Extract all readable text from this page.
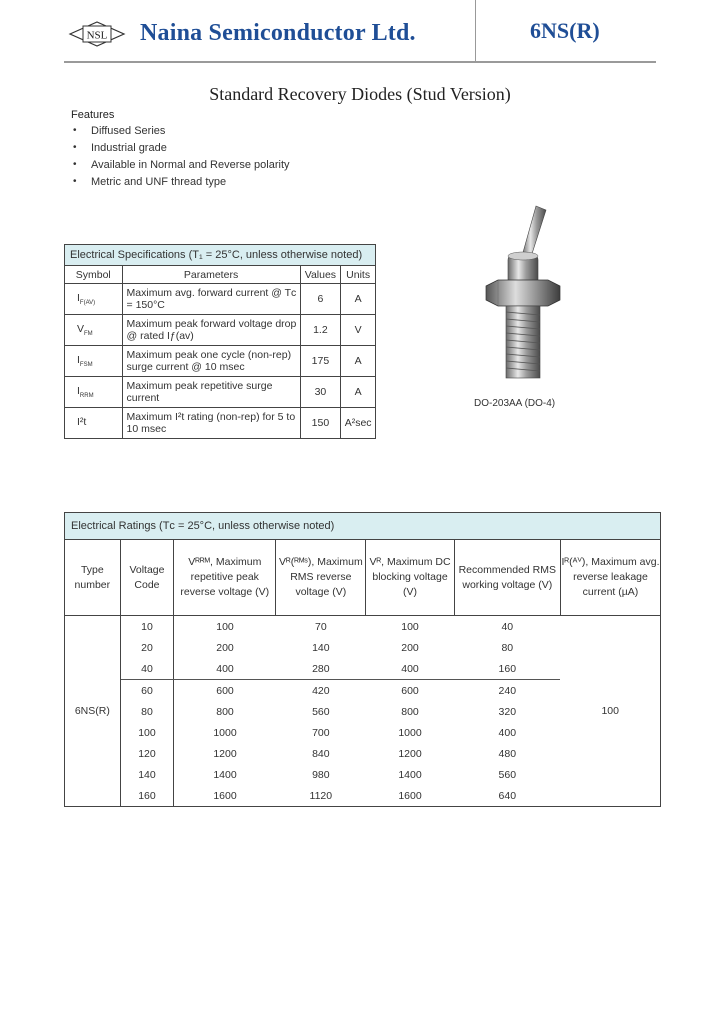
NSL Naina Semiconductor Ltd.	6NS(R)
Standard Recovery Diodes (Stud Version)
Features
• Diffused Series
• Industrial grade
• Available in Normal and Reverse polarity
• Metric and UNF thread type
Electrical Specifications (T₁ = 25°C, unless otherwise noted)			
Symbol	Parameters	Values	Units
$I_{F(AV)}$	Maximum avg. forward current @ Tᴄ = 150°C	6	A
$V_{FM}$	Maximum peak forward voltage drop @ rated Iƒ(av)	1.2	V
$I_{FSM}$	Maximum peak one cycle (non-rep) surge current @ 10 msec	175	A
$I_{RRM}$	Maximum peak repetitive surge current	30	A
I²t	Maximum I²t rating (non-rep) for 5 to 10 msec	150	A²sec
DO-203AA (DO-4)
Electrical Ratings (Tᴄ = 25°C, unless otherwise noted)						
Type number	Voltage Code	Vᴿᴿᴹ, Maximum repetitive peak reverse voltage (V)	Vᴿ(ᴿᴹˢ), Maximum RMS reverse voltage (V)	Vᴿ, Maximum DC blocking voltage (V)	Recommended RMS working voltage (V)	Iᴿ(ᴬⱽ), Maximum avg. reverse leakage current (µA)
6NS(R)	10	100	70	100	40	100
	20	200	140	200	80	
	40	400	280	400	160	
	60	600	420	600	240	
	80	800	560	800	320	
	100	1000	700	1000	400	
	120	1200	840	1200	480	
	140	1400	980	1400	560	
	160	1600	1120	1600	640	
